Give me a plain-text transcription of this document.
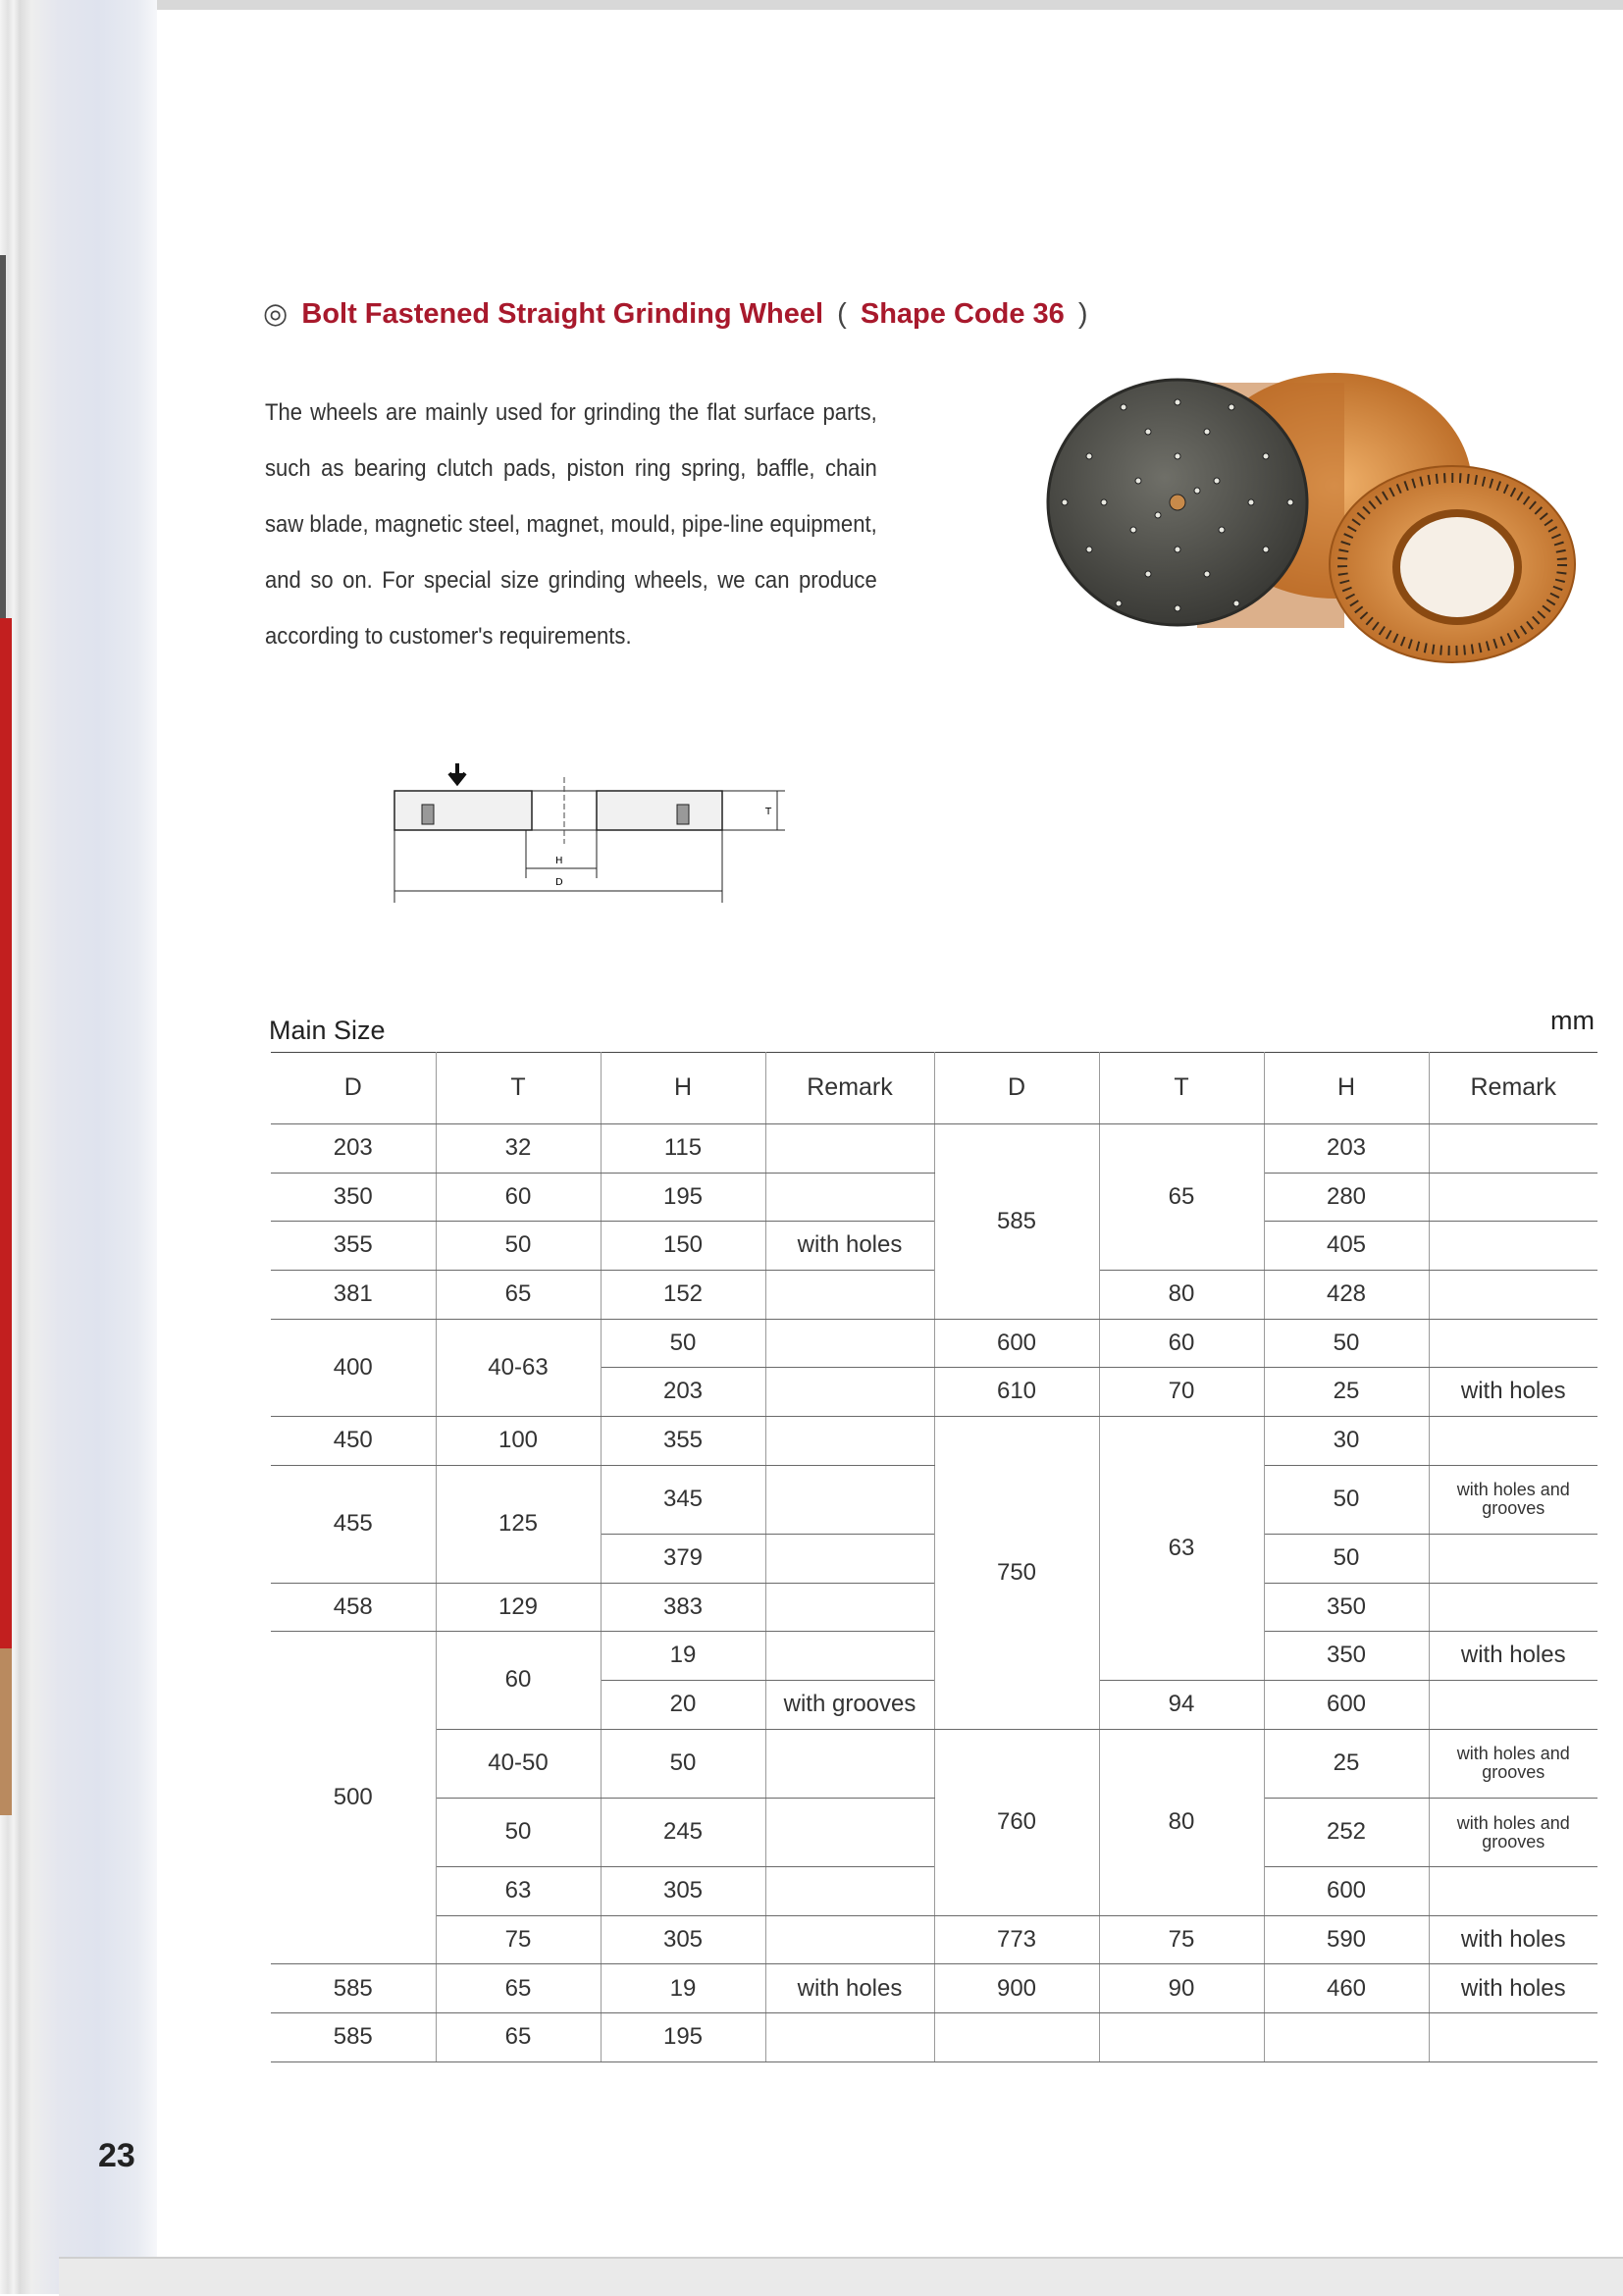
◎ Bolt Fastened Straight Grinding Wheel ( Shape Code 36 )
The wheels are mainly used for grinding the flat surface parts, such as bearing clutch pads, piston ring spring, baffle, chain saw blade, magnetic steel, magnet, mould, pipe-line equipment, and so on. For special size grinding wheels, we can produce according to customer's requirements.
T
H
D
Main Size	mm
D	T	H	Remark	D	T	H	Remark
203	32	115		585	65	203	
350	60	195				280	
355	50	150	with holes			405	
381	65	152			80	428	
400	40-63	50		600	60	50	
		203		610	70	25	with holes
450	100	355		750	63	30	
455	125	345				50	with holes and grooves
		379				50	
458	129	383				350	
500	60	19				350	with holes
		20	with grooves		94	600	
	40-50	50		760	80	25	with holes and grooves
	50	245				252	with holes and grooves
	63	305				600	
	75	305		773	75	590	with holes
585	65	19	with holes	900	90	460	with holes
585	65	195					
23
